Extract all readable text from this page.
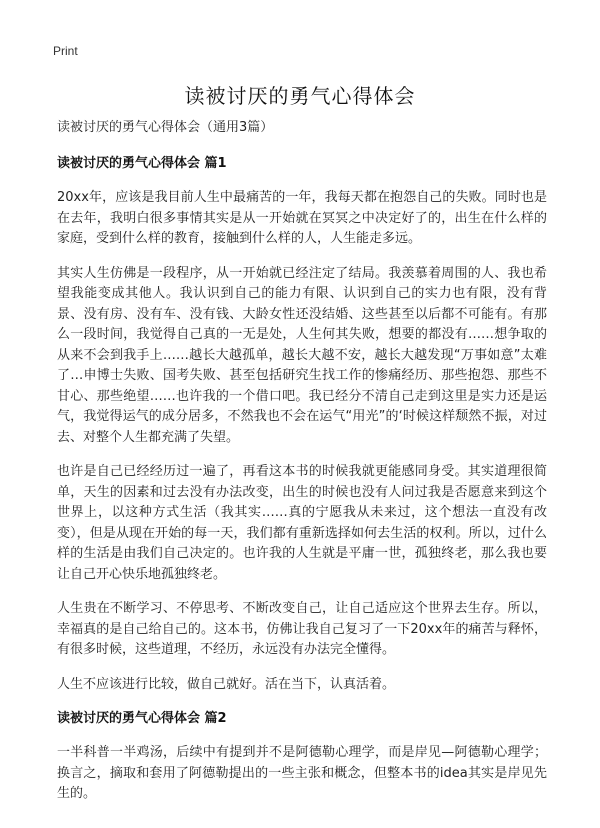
Print
读被讨厌的勇气心得体会

读被讨厌的勇气心得体会（通用3篇）

读被讨厌的勇气心得体会 篇1

20xx年，应该是我目前人生中最痛苦的一年，我每天都在抱怨自己的失败。同时也是在去年，我明白很多事情其实是从一开始就在冥冥之中决定好了的，出生在什么样的家庭，受到什么样的教育，接触到什么样的人，人生能走多远。

其实人生仿佛是一段程序，从一开始就已经注定了结局。我羡慕着周围的人、我也希望我能变成其他人。我认识到自己的能力有限、认识到自己的实力也有限，没有背景、没有房、没有车、没有钱、大龄女性还没结婚、这些甚至以后都不可能有。有那么一段时间，我觉得自己真的一无是处，人生何其失败，想要的都没有……想争取的从来不会到我手上……越长大越孤单，越长大越不安，越长大越发现“万事如意”太难了…申博士失败、国考失败、甚至包括研究生找工作的惨痛经历、那些抱怨、那些不甘心、那些绝望……也许我的一个借口吧。我已经分不清自己走到这里是实力还是运气，我觉得运气的成分居多，不然我也不会在运气“用光”的‘时候这样颓然不振，对过去、对整个人生都充满了失望。

也许是自己已经经历过一遍了，再看这本书的时候我就更能感同身受。其实道理很简单，天生的因素和过去没有办法改变，出生的时候也没有人问过我是否愿意来到这个世界上，以这种方式生活（我其实……真的宁愿我从未来过，这个想法一直没有改变），但是从现在开始的每一天，我们都有重新选择如何去生活的权利。所以，过什么样的生活是由我们自己决定的。也许我的人生就是平庸一世，孤独终老，那么我也要让自己开心快乐地孤独终老。

人生贵在不断学习、不停思考、不断改变自己，让自己适应这个世界去生存。所以，幸福真的是自己给自己的。这本书，仿佛让我自己复习了一下20xx年的痛苦与释怀，有很多时候，这些道理，不经历，永远没有办法完全懂得。

人生不应该进行比较，做自己就好。活在当下，认真活着。

读被讨厌的勇气心得体会 篇2

一半科普一半鸡汤，后续中有提到并不是阿德勒心理学，而是岸见—阿德勒心理学；换言之，摘取和套用了阿德勒提出的一些主张和概念，但整本书的idea其实是岸见先生的。
